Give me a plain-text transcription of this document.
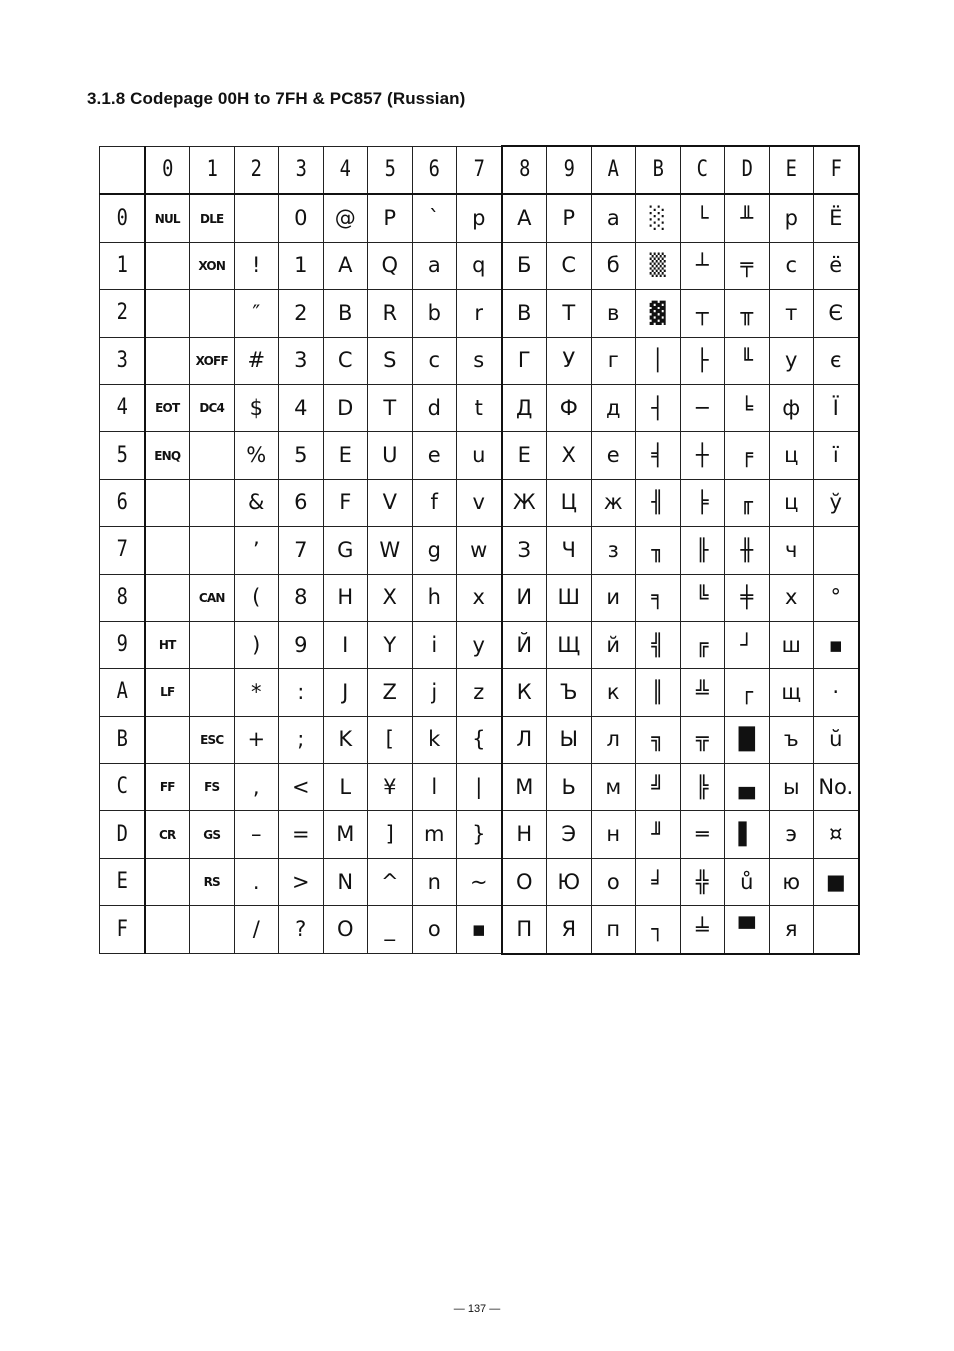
3.1.8 Codepage 00H to 7FH & PC857 (Russian)
	0	1	2	3	4	5	6	7	8	9	A	B	C	D	E	F
0	NUL	DLE		0	@	P	`	p	А	Р	а	░	└	╨	р	Ё
1		XON	!	1	A	Q	a	q	Б	С	б	▒	┴	╤	с	ё
2			″	2	B	R	b	r	В	Т	в	▓	┬	╥	т	Є
3		XOFF	#	3	C	S	c	s	Г	У	г	│	├	╙	у	є
4	EOT	DC4	$	4	D	T	d	t	Д	Ф	д	┤	─	╘	ф	Ї
5	ENQ		%	5	E	U	e	u	Е	Х	е	╡	┼	╒	ц	ї
6			&	6	F	V	f	v	Ж	Ц	ж	╢	╞	╓	ц	ў
7			’	7	G	W	g	w	З	Ч	з	╖	╟	╫	ч	
8		CAN	(	8	H	X	h	x	И	Ш	и	╕	╚	╪	х	°
9	HT		)	9	I	Y	i	y	Й	Щ	й	╣	╔	┘	ш	▪
A	LF		*	:	J	Z	j	z	К	Ъ	к	║	╩	┌	щ	·
B		ESC	+	;	K	[	k	{	Л	Ы	л	╗	╦	█	ъ	ŭ
C	FF	FS	,	<	L	¥	l	|	М	Ь	м	╝	╠	▄	ы	No.
D	CR	GS	–	=	M	]	m	}	Н	Э	н	╜	═	▌	э	¤
E		RS	.	>	N	^	n	~	О	Ю	о	╛	╬	ů	ю	■
F			/	?	O	_	o	▪	П	Я	п	┐	╧	▀	я	
— 137 —
